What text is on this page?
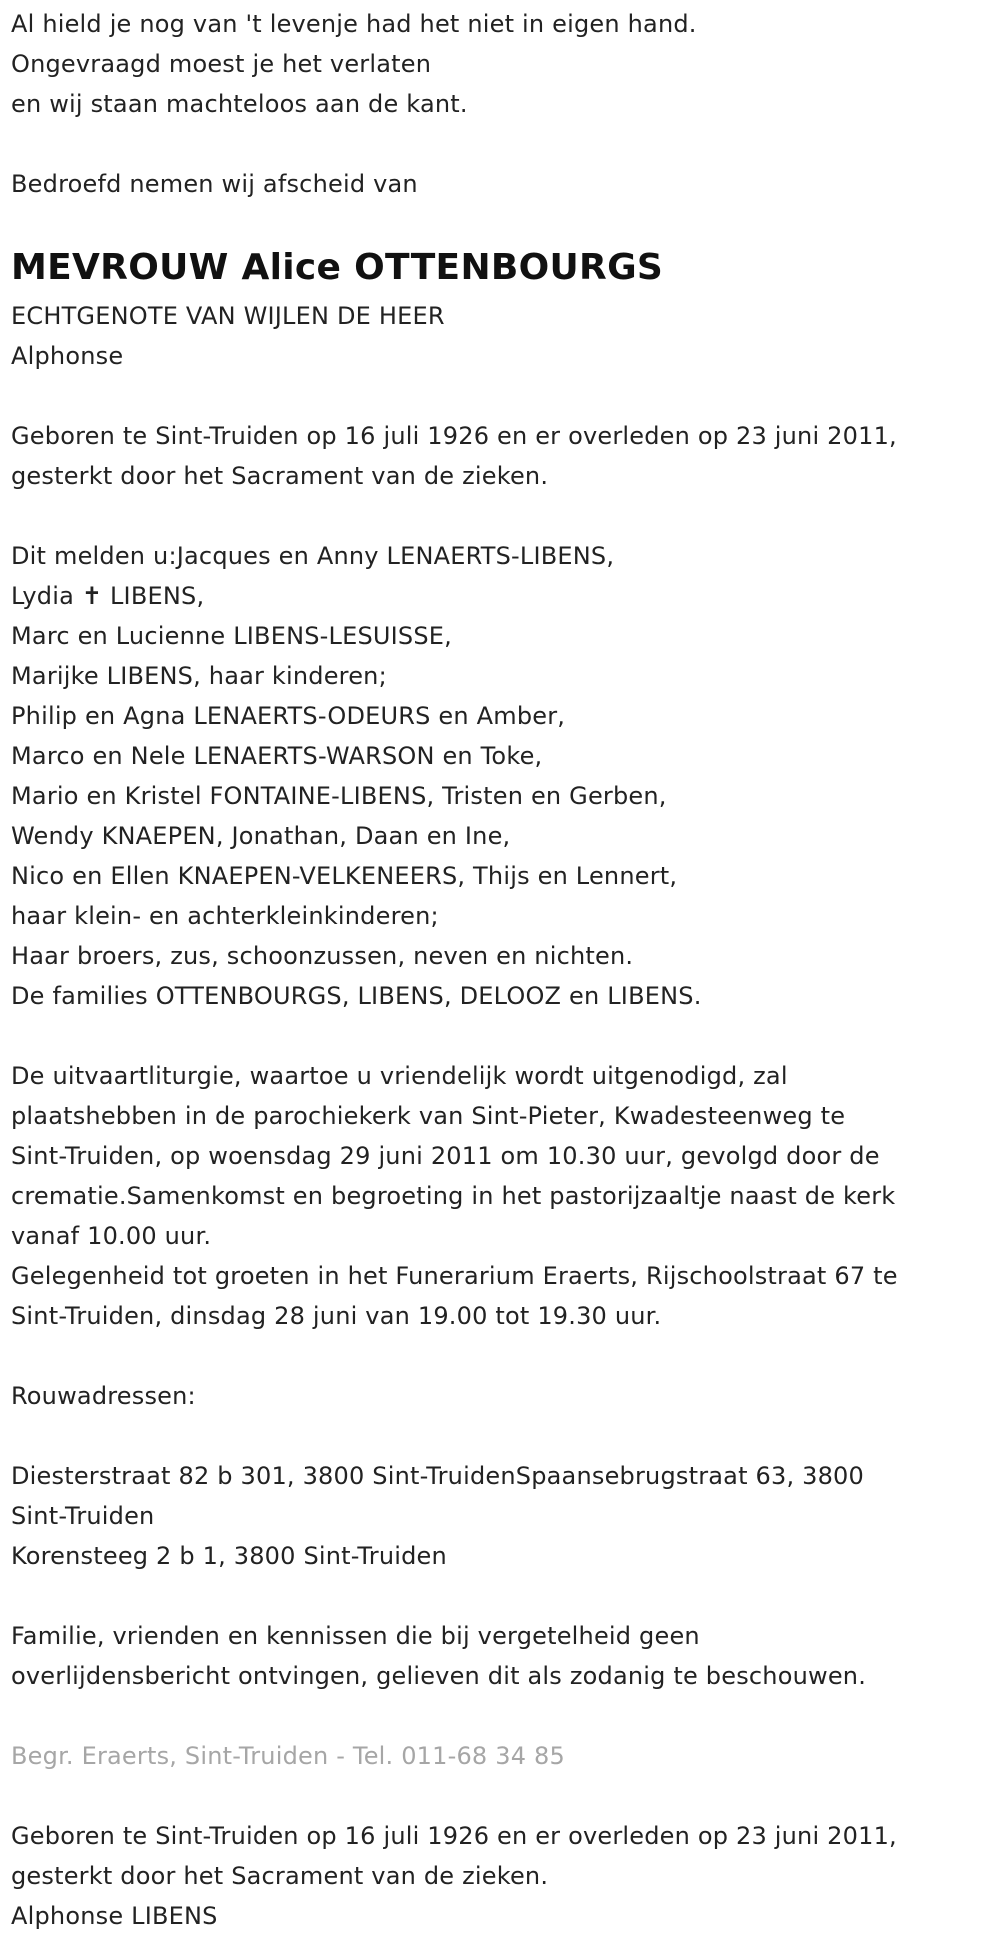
Al hield je nog van 't levenje had het niet in eigen hand.
Ongevraagd moest je het verlaten
en wij staan machteloos aan de kant.
Bedroefd nemen wij afscheid van
MEVROUW Alice OTTENBOURGS
ECHTGENOTE VAN WIJLEN DE HEER
Alphonse
Geboren te Sint-Truiden op 16 juli 1926 en er overleden op 23 juni 2011,
gesterkt door het Sacrament van de zieken.
Dit melden u:Jacques en Anny LENAERTS-LIBENS,
Lydia ✝ LIBENS,
Marc en Lucienne LIBENS-LESUISSE,
Marijke LIBENS, haar kinderen;
Philip en Agna LENAERTS-ODEURS en Amber,
Marco en Nele LENAERTS-WARSON en Toke,
Mario en Kristel FONTAINE-LIBENS, Tristen en Gerben,
Wendy KNAEPEN, Jonathan, Daan en Ine,
Nico en Ellen KNAEPEN-VELKENEERS, Thijs en Lennert,
haar klein- en achterkleinkinderen;
Haar broers, zus, schoonzussen, neven en nichten.
De families OTTENBOURGS, LIBENS, DELOOZ en LIBENS.
De uitvaartliturgie, waartoe u vriendelijk wordt uitgenodigd, zal
plaatshebben in de parochiekerk van Sint-Pieter, Kwadesteenweg te
Sint-Truiden, op woensdag 29 juni 2011 om 10.30 uur, gevolgd door de
crematie.Samenkomst en begroeting in het pastorijzaaltje naast de kerk
vanaf 10.00 uur.
Gelegenheid tot groeten in het Funerarium Eraerts, Rijschoolstraat 67 te
Sint-Truiden, dinsdag 28 juni van 19.00 tot 19.30 uur.
Rouwadressen:
Diesterstraat 82 b 301, 3800 Sint-TruidenSpaansebrugstraat 63, 3800
Sint-Truiden
Korensteeg 2 b 1, 3800 Sint-Truiden
Familie, vrienden en kennissen die bij vergetelheid geen
overlijdensbericht ontvingen, gelieven dit als zodanig te beschouwen.
Begr. Eraerts, Sint-Truiden - Tel. 011-68 34 85
Geboren te Sint-Truiden op 16 juli 1926 en er overleden op 23 juni 2011,
gesterkt door het Sacrament van de zieken.
Alphonse LIBENS
